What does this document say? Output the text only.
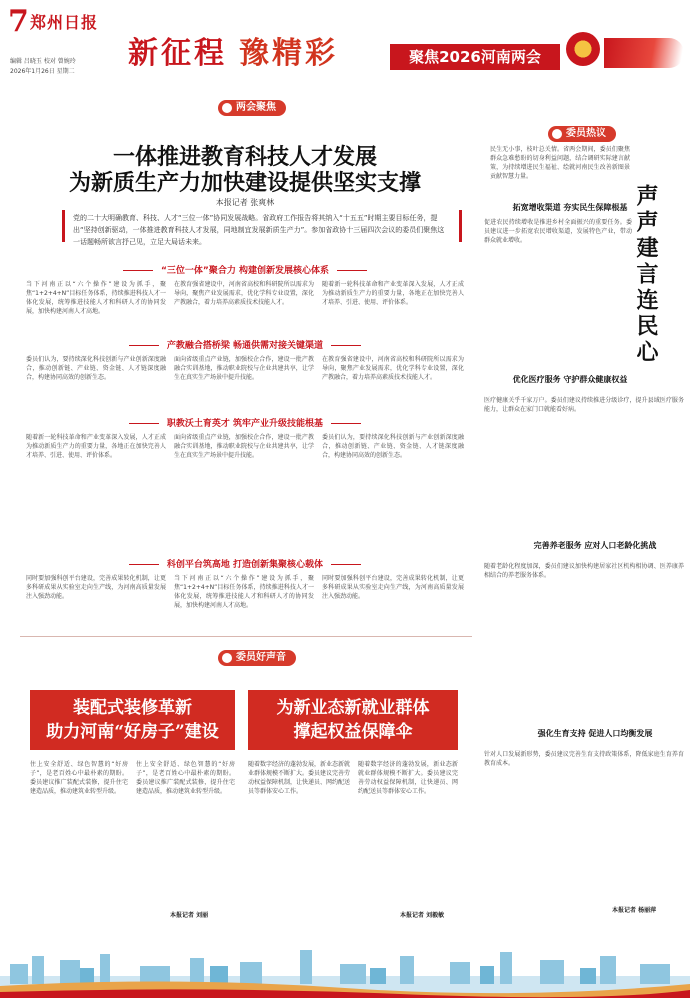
7 郑州日报
编辑 吕晓玉 校对 曾婉玲
2026年1月26日 星期二
新征程 豫精彩	聚焦2026河南两会
两会聚焦
一体推进教育科技人才发展
为新质生产力加快建设提供坚实支撑
本报记者 张爽林
党的二十大明确教育、科技、人才“三位一体”协同发展战略。省政府工作报告将其纳入“十五五”时期主要目标任务，提出“坚持创新驱动，一体推进教育科技人才发展，同地制宜发展新质生产力”。参加省政协十三届四次会议的委员们聚焦这一话题畅所欲言抒己见，立足大局话未来。
“三位一体”聚合力 构建创新发展核心体系
当下河南正以“六个操作”建设为抓手，聚焦“1+2+4+N”目标任务体系，持续推进科技人才一体化发展，统筹推进技能人才和科研人才的协同发展，加快构建河南人才高地。
在教育强省建设中，河南省高校和科研院所以需求为导向，聚焦产业发展需求，优化学科专业设置，深化产教融合，着力培养高素质技术技能人才。
随着新一轮科技革命和产业变革深入发展，人才正成为推动新质生产力的重要力量，各地正在加快完善人才培养、引进、使用、评价体系。
产教融合搭桥梁 畅通供需对接关键渠道
委员们认为，要持续深化科技创新与产业创新深度融合，推动创新链、产业链、资金链、人才链深度融合，构建协同高效的创新生态。
面向省级重点产业链，加强校企合作，建设一批产教融合实训基地，推动职业院校与企业共建共享，让学生在真实生产场景中提升技能。
在教育强省建设中，河南省高校和科研院所以需求为导向，聚焦产业发展需求，优化学科专业设置，深化产教融合，着力培养高素质技术技能人才。
职教沃土育英才 筑牢产业升级技能根基
随着新一轮科技革命和产业变革深入发展，人才正成为推动新质生产力的重要力量，各地正在加快完善人才培养、引进、使用、评价体系。
面向省级重点产业链，加强校企合作，建设一批产教融合实训基地，推动职业院校与企业共建共享，让学生在真实生产场景中提升技能。
委员们认为，要持续深化科技创新与产业创新深度融合，推动创新链、产业链、资金链、人才链深度融合，构建协同高效的创新生态。
科创平台筑高地 打造创新集聚核心载体
同时要加强科创平台建设，完善成果转化机制，让更多科研成果从实验室走向生产线，为河南高质量发展注入强劲动能。
当下河南正以“六个操作”建设为抓手，聚焦“1+2+4+N”目标任务体系，持续推进科技人才一体化发展，统筹推进技能人才和科研人才的协同发展，加快构建河南人才高地。
同时要加强科创平台建设，完善成果转化机制，让更多科研成果从实验室走向生产线，为河南高质量发展注入强劲动能。
委员好声音
装配式装修革新
助力河南“好房子”建设
为新业态新就业群体
撑起权益保障伞
住上安全舒适、绿色智慧的“好房子”，是老百姓心中最朴素的期盼。委员建议推广装配式装修，提升住宅建造品质，推动建筑业转型升级。
住上安全舒适、绿色智慧的“好房子”，是老百姓心中最朴素的期盼。委员建议推广装配式装修，提升住宅建造品质，推动建筑业转型升级。
本报记者 刘丽
随着数字经济的蓬勃发展，新业态新就业群体规模不断扩大。委员建议完善劳动权益保障机制，让快递员、网约配送员等群体安心工作。
随着数字经济的蓬勃发展，新业态新就业群体规模不断扩大。委员建议完善劳动权益保障机制，让快递员、网约配送员等群体安心工作。
本报记者 刘毅敏
委员热议
民生无小事，枝叶总关情。省两会期间，委员们聚焦群众急难愁盼的切身利益问题，结合调研实际建言献策，为持续增进民生福祉、绘就河南民生改善新图景贡献智慧力量。
声声建言连民心
拓宽增收渠道 夯实民生保障根基
促进农民持续增收是推进乡村全面振兴的重要任务。委员建议进一步拓宽农民增收渠道，发展特色产业，带动群众就业增收。
优化医疗服务 守护群众健康权益
医疗健康关乎千家万户。委员们建议持续推进分级诊疗，提升县域医疗服务能力，让群众在家门口就能看好病。
完善养老服务 应对人口老龄化挑战
随着老龄化程度加深，委员们建议加快构建居家社区机构相协调、医养康养相结合的养老服务体系。
强化生育支持 促进人口均衡发展
针对人口发展新形势，委员建议完善生育支持政策体系，降低家庭生育养育教育成本。
本报记者 杨丽萍
